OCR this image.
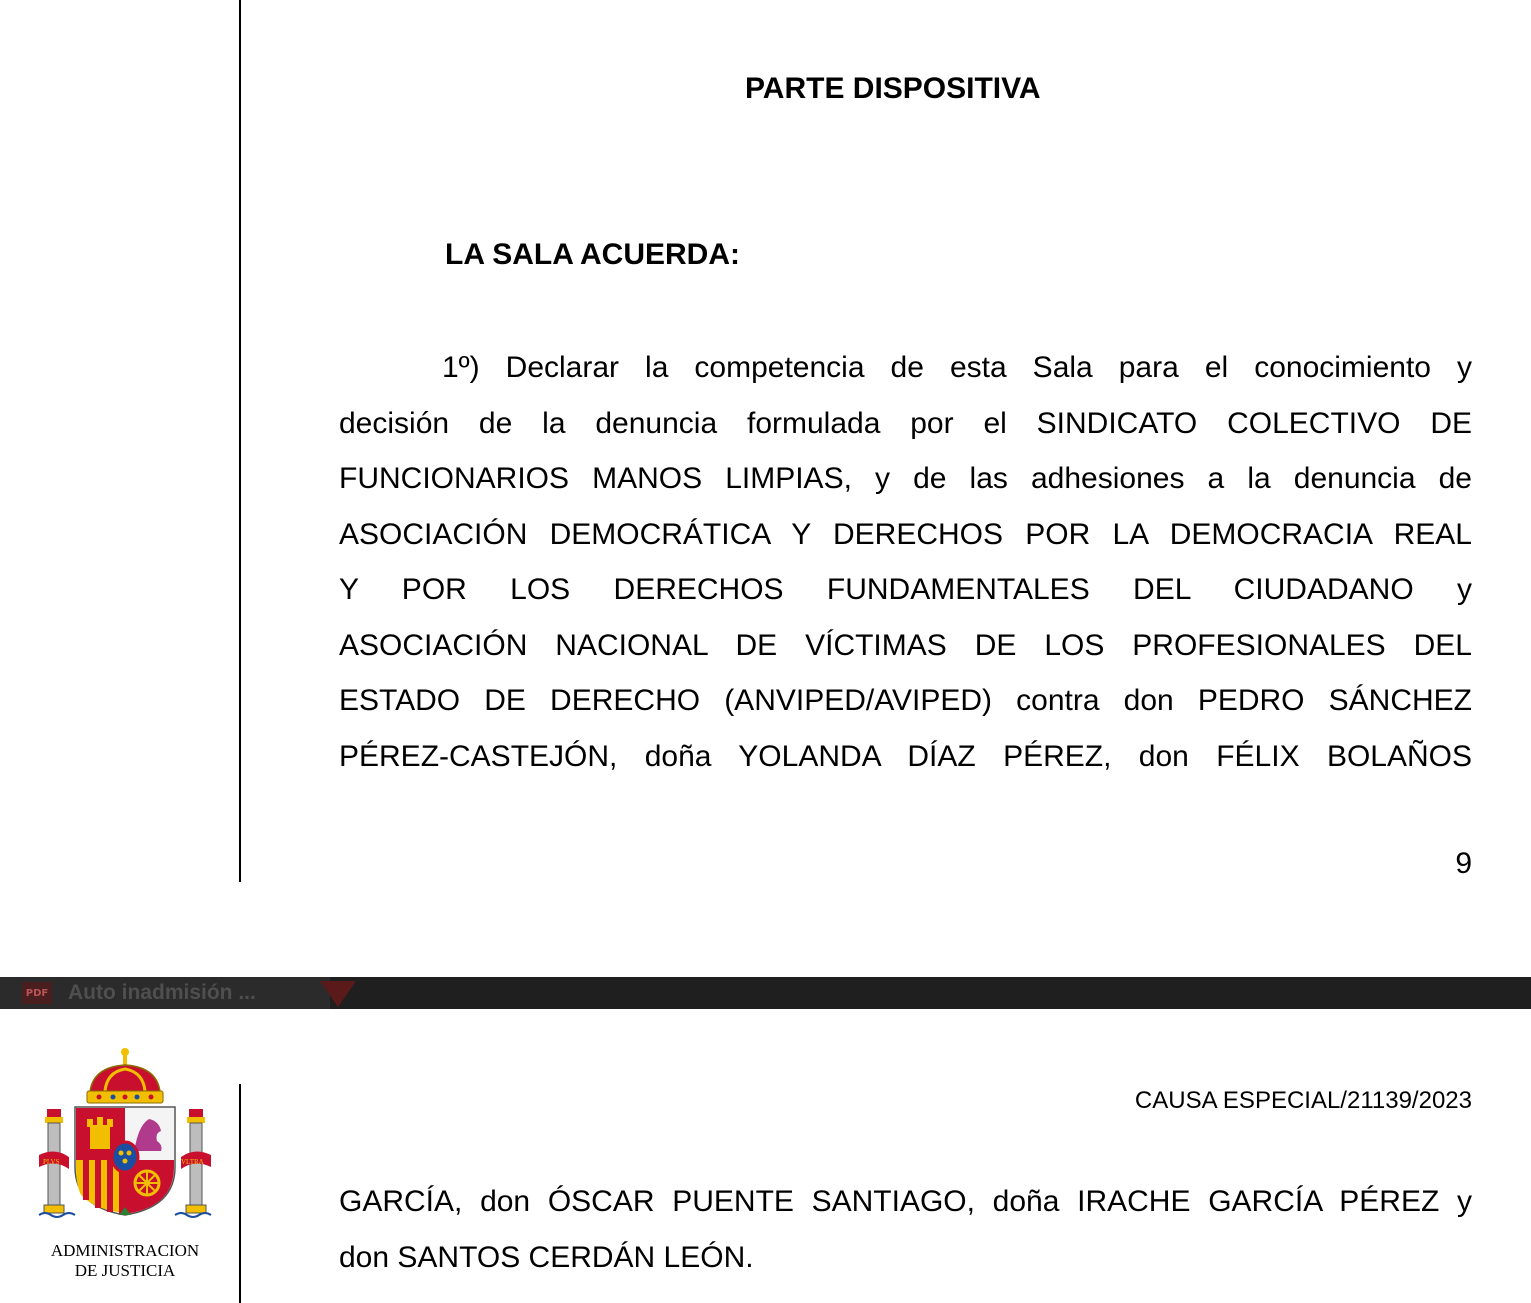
PARTE DISPOSITIVA
LA SALA ACUERDA:
1º) Declarar la competencia de esta Sala para el conocimiento y
decisión de la denuncia formulada por el SINDICATO COLECTIVO DE
FUNCIONARIOS MANOS LIMPIAS, y de las adhesiones a la denuncia de
ASOCIACIÓN DEMOCRÁTICA Y DERECHOS POR LA DEMOCRACIA REAL
Y POR LOS DERECHOS FUNDAMENTALES DEL CIUDADANO y
ASOCIACIÓN NACIONAL DE VÍCTIMAS DE LOS PROFESIONALES DEL
ESTADO DE DERECHO (ANVIPED/AVIPED) contra don PEDRO SÁNCHEZ
PÉREZ-CASTEJÓN, doña YOLANDA DÍAZ PÉREZ, don FÉLIX BOLAÑOS
9
PDF Auto inadmisión ...
PLVS	VLTRA
ADMINISTRACION
DE JUSTICIA
CAUSA ESPECIAL/21139/2023
GARCÍA, don ÓSCAR PUENTE SANTIAGO, doña IRACHE GARCÍA PÉREZ y
don SANTOS CERDÁN LEÓN.
